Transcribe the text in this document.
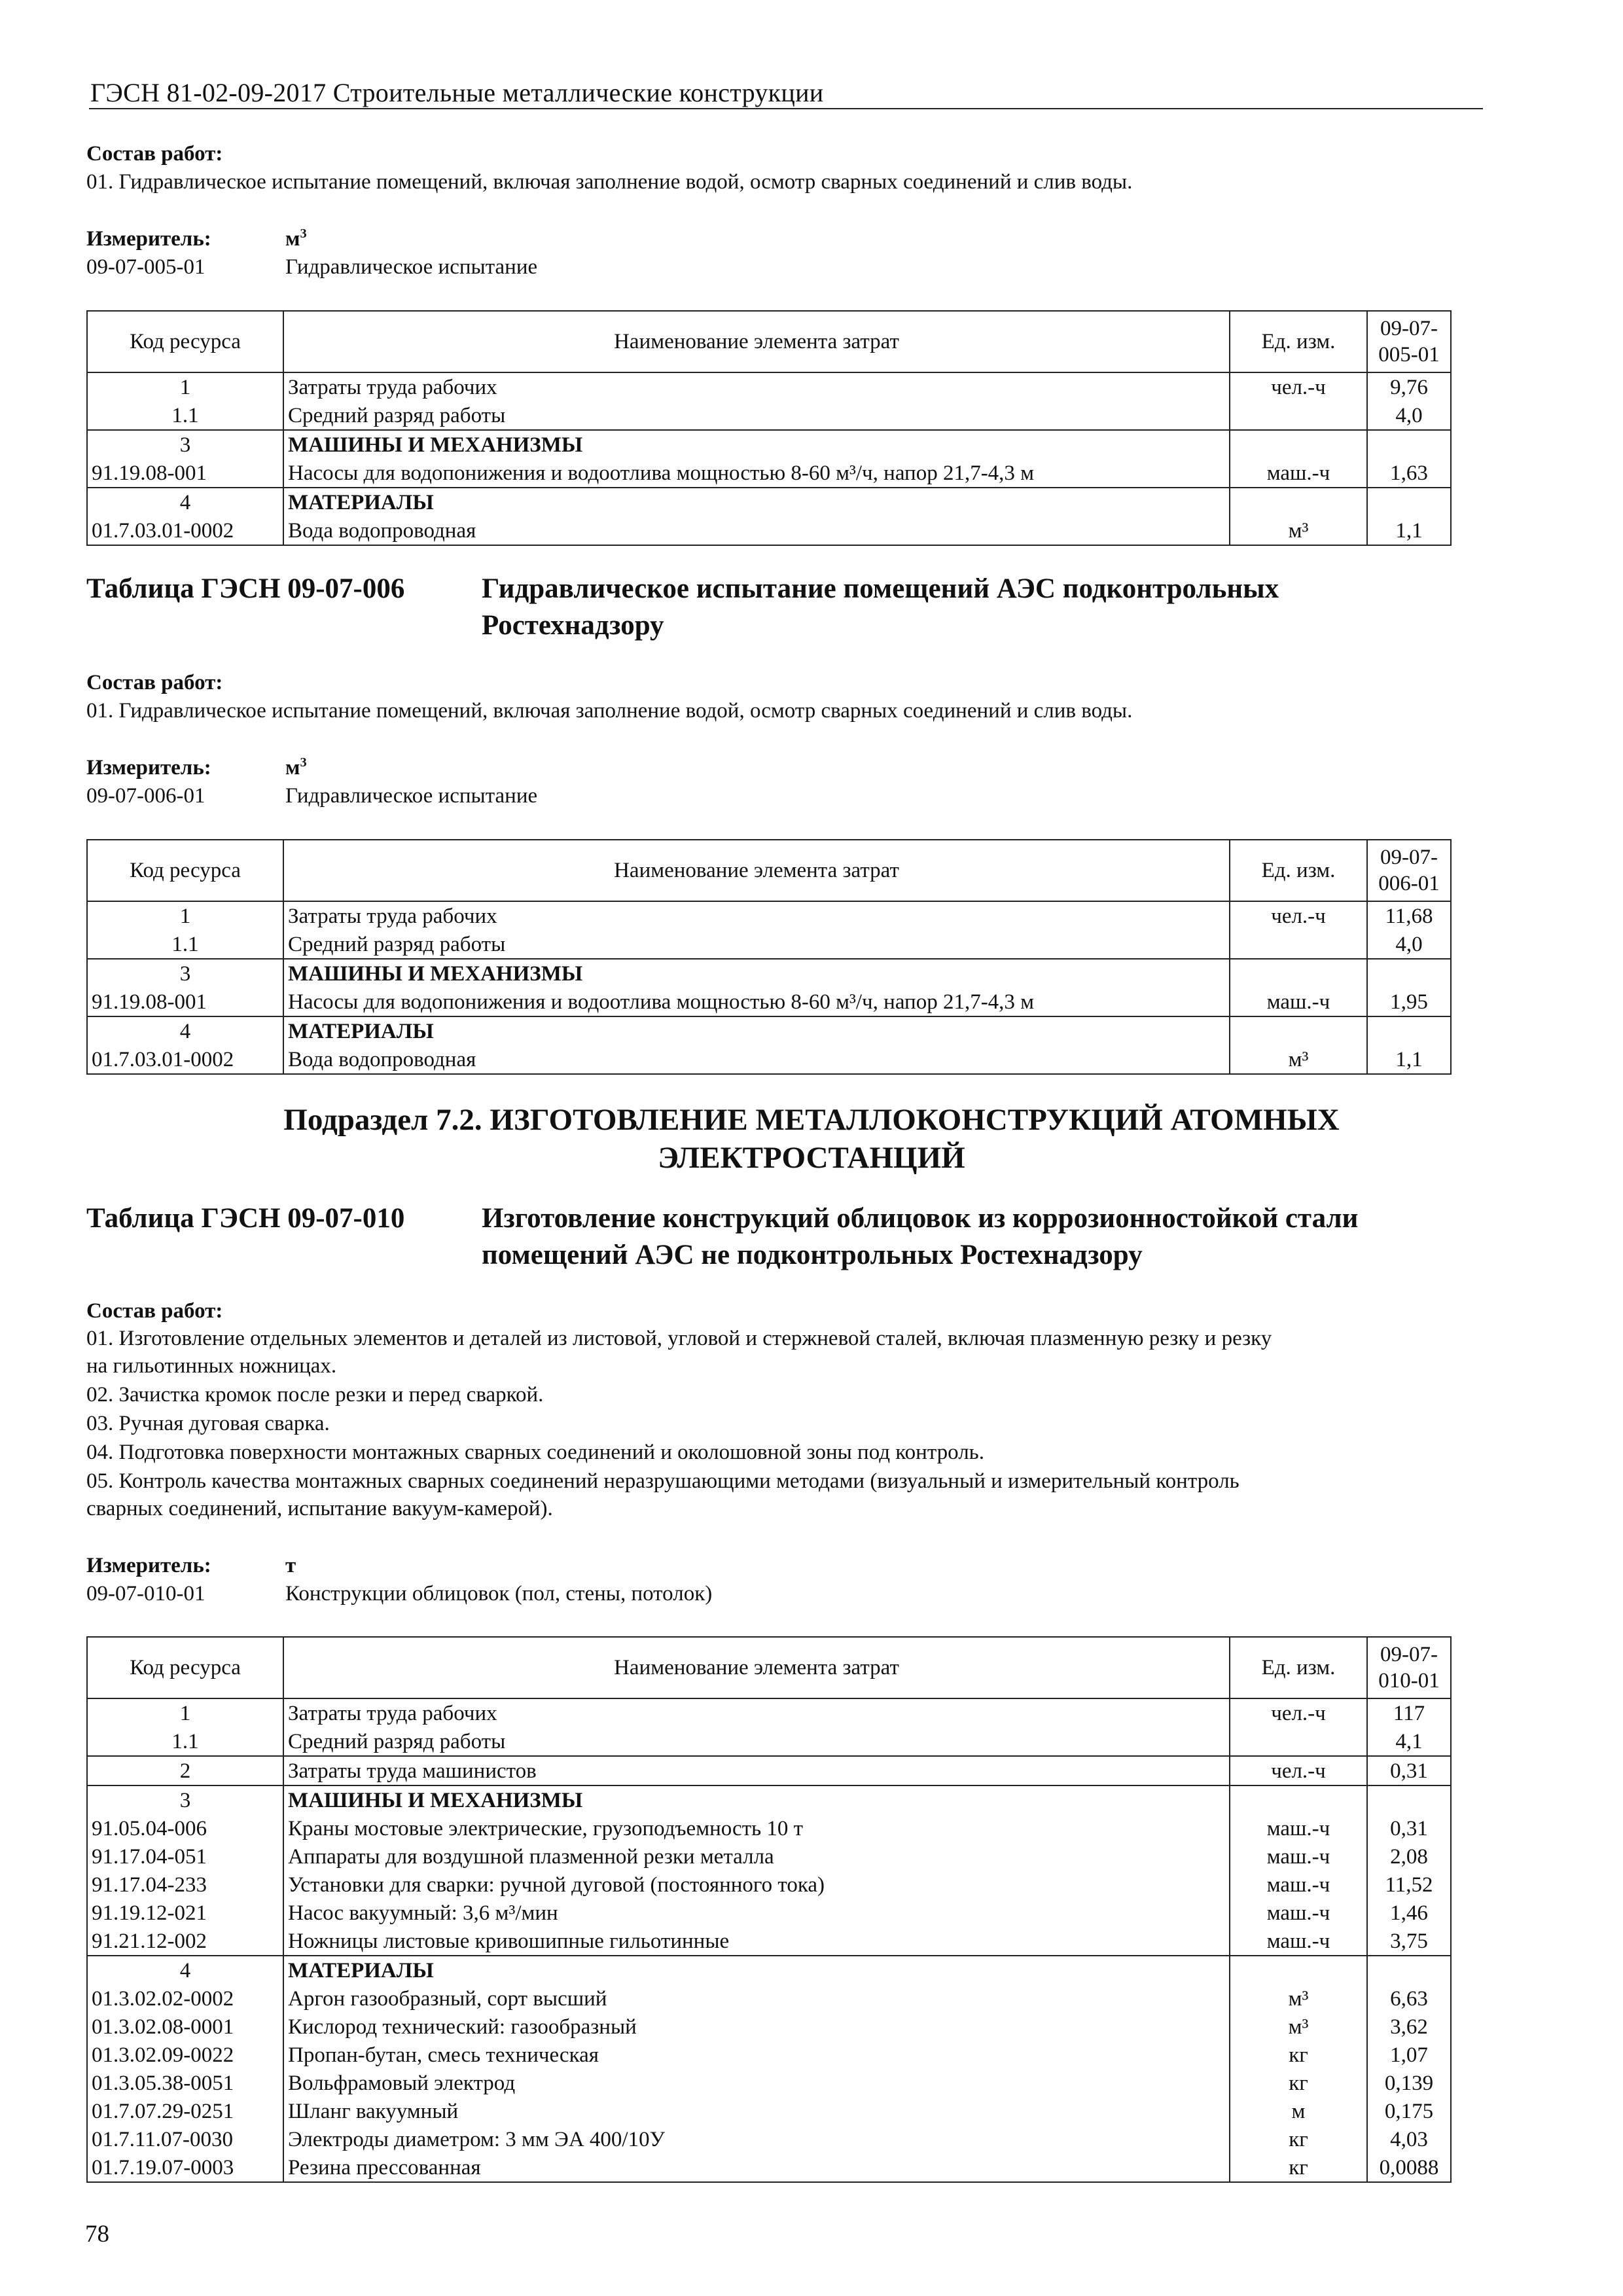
ГЭСН 81-02-09-2017 Строительные металлические конструкции
Состав работ:
01. Гидравлическое испытание помещений, включая заполнение водой, осмотр сварных соединений и слив воды.
Измеритель:	$м^3$
09-07-005-01	Гидравлическое испытание
Код ресурса	Наименование элемента затрат	Ед. изм.	09-07-005-01
1	Затраты труда рабочих	чел.-ч	9,76
1.1	Средний разряд работы		4,0
3	МАШИНЫ И МЕХАНИЗМЫ		
91.19.08-001	Насосы для водопонижения и водоотлива мощностью 8-60 м³/ч, напор 21,7-4,3 м	маш.-ч	1,63
4	МАТЕРИАЛЫ		
01.7.03.01-0002	Вода водопроводная	м³	1,1
Таблица ГЭСН 09-07-006	Гидравлическое испытание помещений АЭС подконтрольных Ростехнадзору
Состав работ:
01. Гидравлическое испытание помещений, включая заполнение водой, осмотр сварных соединений и слив воды.
Измеритель:	$м^3$
09-07-006-01	Гидравлическое испытание
Код ресурса	Наименование элемента затрат	Ед. изм.	09-07-006-01
1	Затраты труда рабочих	чел.-ч	11,68
1.1	Средний разряд работы		4,0
3	МАШИНЫ И МЕХАНИЗМЫ		
91.19.08-001	Насосы для водопонижения и водоотлива мощностью 8-60 м³/ч, напор 21,7-4,3 м	маш.-ч	1,95
4	МАТЕРИАЛЫ		
01.7.03.01-0002	Вода водопроводная	м³	1,1
Подраздел 7.2. ИЗГОТОВЛЕНИЕ МЕТАЛЛОКОНСТРУКЦИЙ АТОМНЫХ
ЭЛЕКТРОСТАНЦИЙ
Таблица ГЭСН 09-07-010	Изготовление конструкций облицовок из коррозионностойкой стали помещений АЭС не подконтрольных Ростехнадзору
Состав работ:
01. Изготовление отдельных элементов и деталей из листовой, угловой и стержневой сталей, включая плазменную резку и резку
на гильотинных ножницах.
02. Зачистка кромок после резки и перед сваркой.
03. Ручная дуговая сварка.
04. Подготовка поверхности монтажных сварных соединений и околошовной зоны под контроль.
05. Контроль качества монтажных сварных соединений неразрушающими методами (визуальный и измерительный контроль
сварных соединений, испытание вакуум-камерой).
Измеритель:	т
09-07-010-01	Конструкции облицовок (пол, стены, потолок)
Код ресурса	Наименование элемента затрат	Ед. изм.	09-07-010-01
1	Затраты труда рабочих	чел.-ч	117
1.1	Средний разряд работы		4,1
2	Затраты труда машинистов	чел.-ч	0,31
3	МАШИНЫ И МЕХАНИЗМЫ		
91.05.04-006	Краны мостовые электрические, грузоподъемность 10 т	маш.-ч	0,31
91.17.04-051	Аппараты для воздушной плазменной резки металла	маш.-ч	2,08
91.17.04-233	Установки для сварки: ручной дуговой (постоянного тока)	маш.-ч	11,52
91.19.12-021	Насос вакуумный: 3,6 м³/мин	маш.-ч	1,46
91.21.12-002	Ножницы листовые кривошипные гильотинные	маш.-ч	3,75
4	МАТЕРИАЛЫ		
01.3.02.02-0002	Аргон газообразный, сорт высший	м³	6,63
01.3.02.08-0001	Кислород технический: газообразный	м³	3,62
01.3.02.09-0022	Пропан-бутан, смесь техническая	кг	1,07
01.3.05.38-0051	Вольфрамовый электрод	кг	0,139
01.7.07.29-0251	Шланг вакуумный	м	0,175
01.7.11.07-0030	Электроды диаметром: 3 мм ЭА 400/10У	кг	4,03
01.7.19.07-0003	Резина прессованная	кг	0,0088
78
